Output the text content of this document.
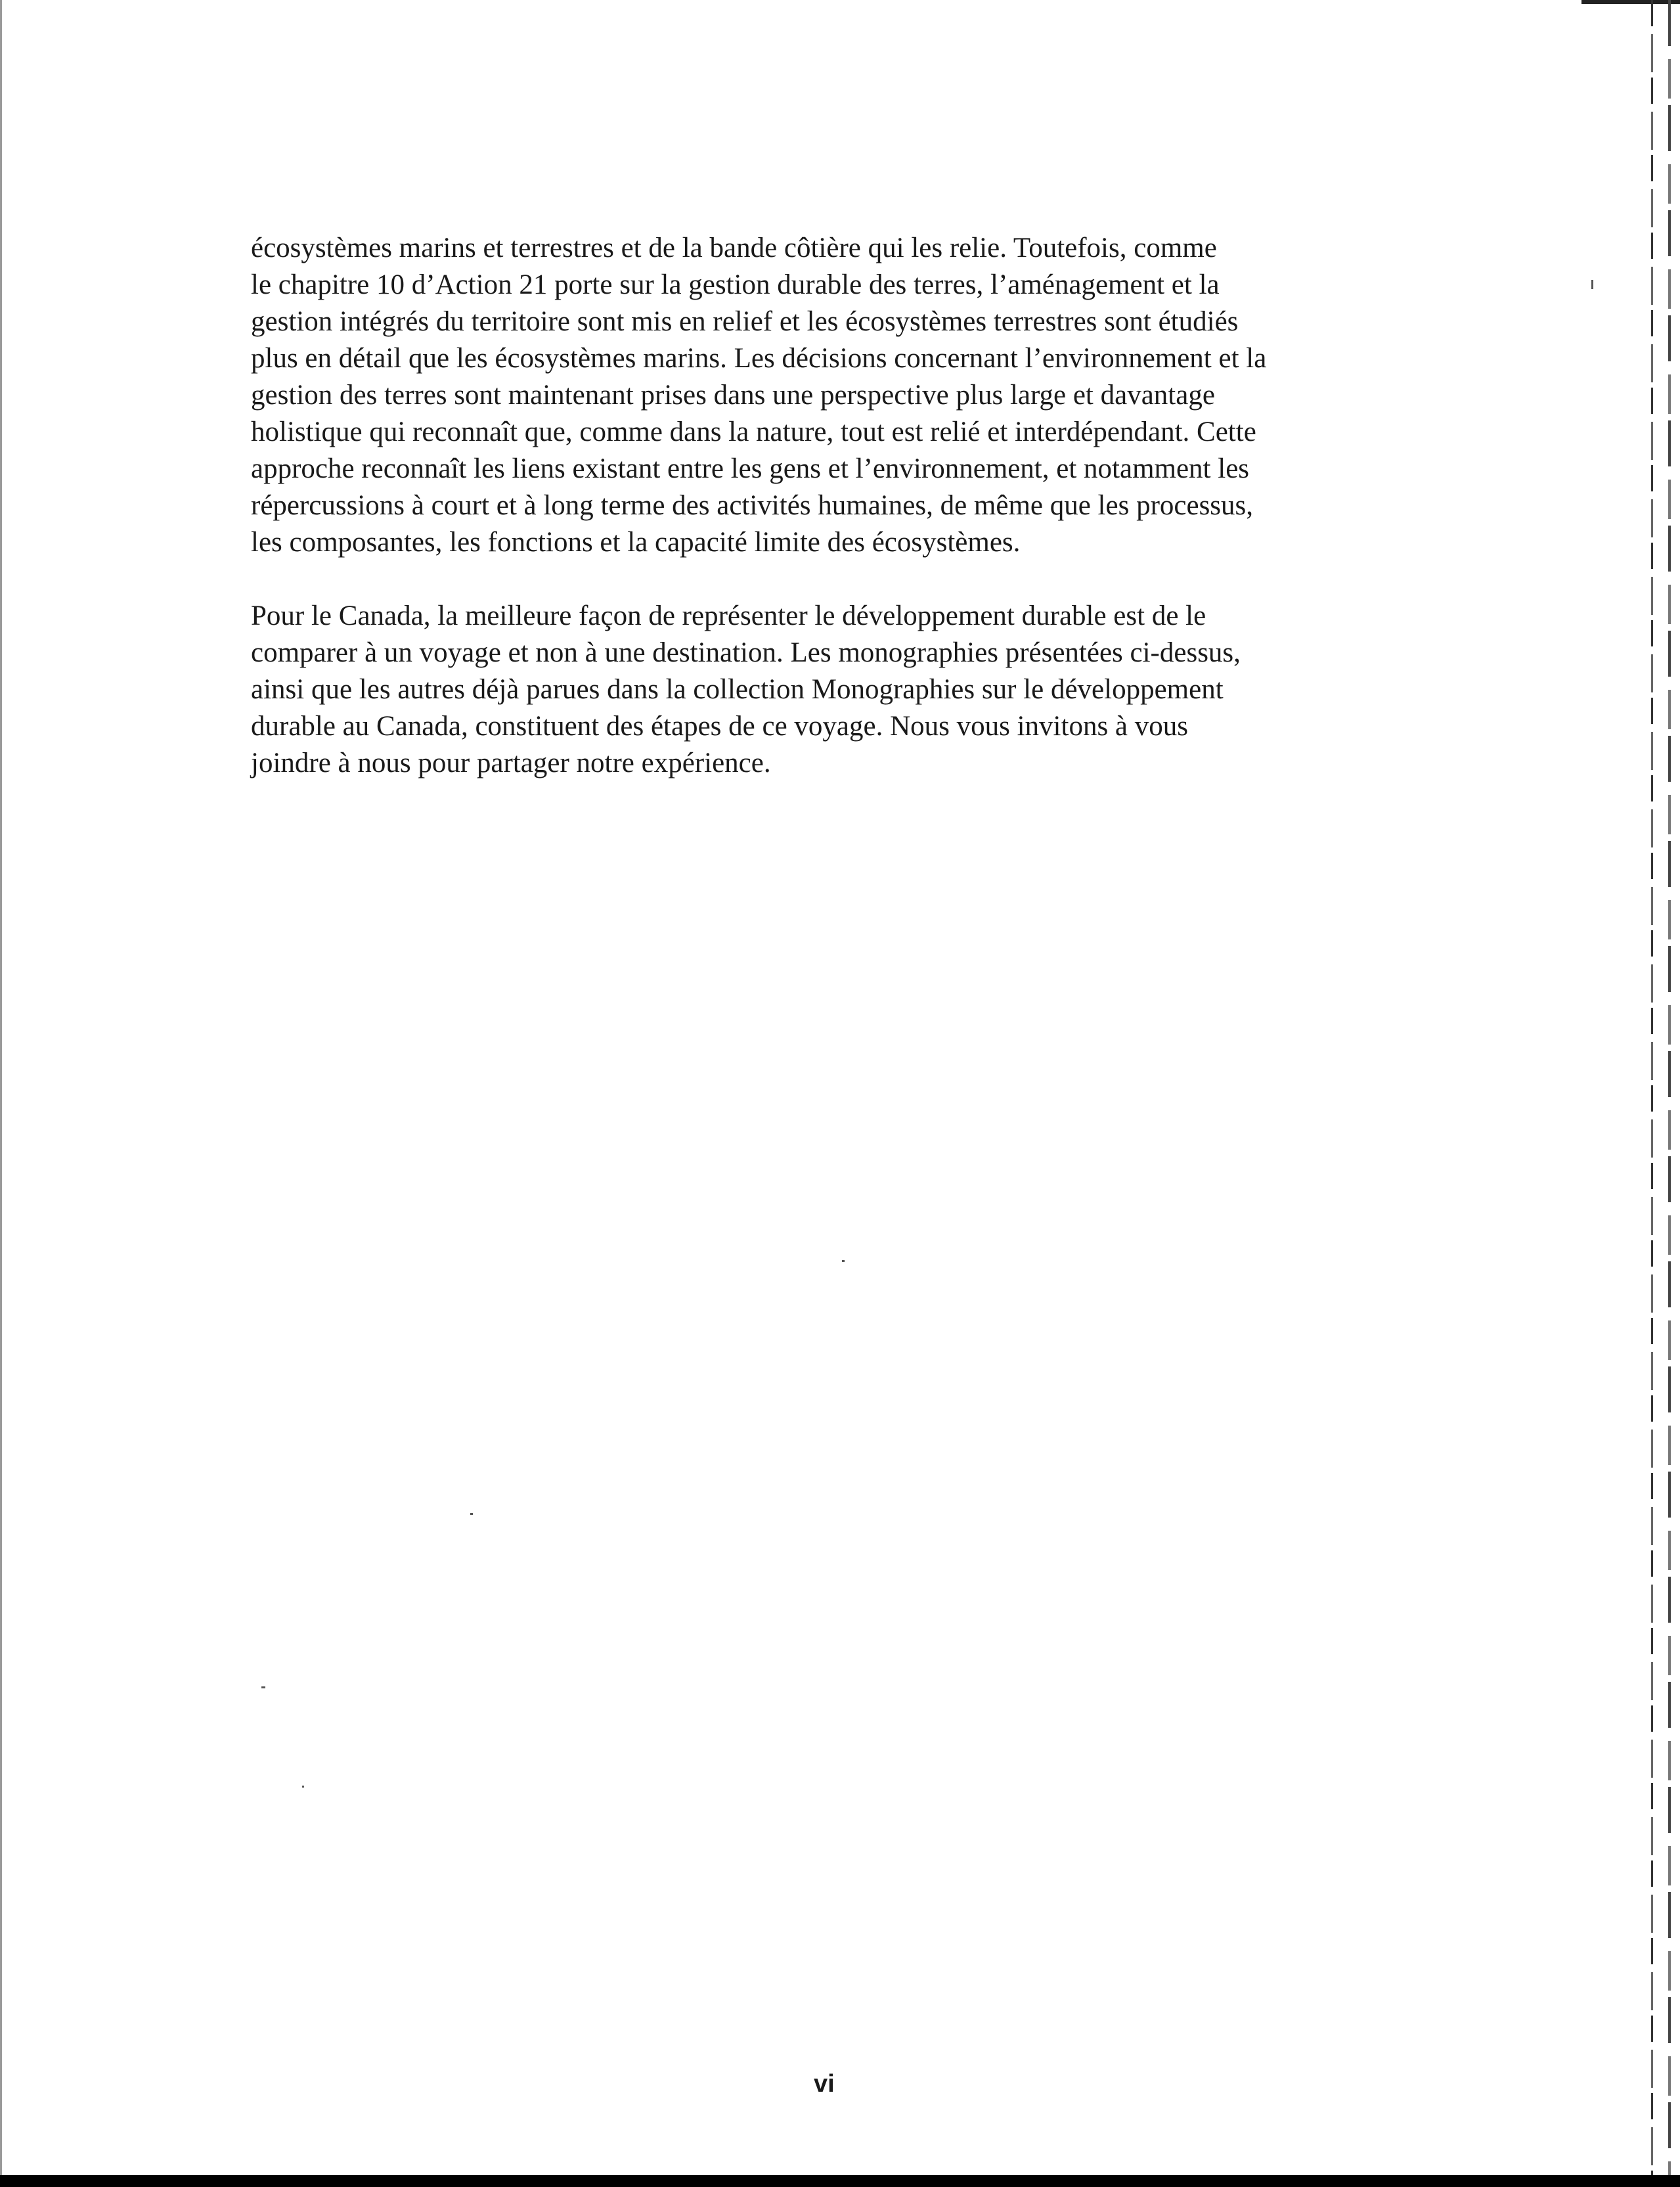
écosystèmes marins et terrestres et de la bande côtière qui les relie. Toutefois, comme
le chapitre 10 d’Action 21 porte sur la gestion durable des terres, l’aménagement et la
gestion intégrés du territoire sont mis en relief et les écosystèmes terrestres sont étudiés
plus en détail que les écosystèmes marins. Les décisions concernant l’environnement et la
gestion des terres sont maintenant prises dans une perspective plus large et davantage
holistique qui reconnaît que, comme dans la nature, tout est relié et interdépendant. Cette
approche reconnaît les liens existant entre les gens et l’environnement, et notamment les
répercussions à court et à long terme des activités humaines, de même que les processus,
les composantes, les fonctions et la capacité limite des écosystèmes.

Pour le Canada, la meilleure façon de représenter le développement durable est de le
comparer à un voyage et non à une destination. Les monographies présentées ci-dessus,
ainsi que les autres déjà parues dans la collection Monographies sur le développement
durable au Canada, constituent des étapes de ce voyage. Nous vous invitons à vous
joindre à nous pour partager notre expérience.

vi
